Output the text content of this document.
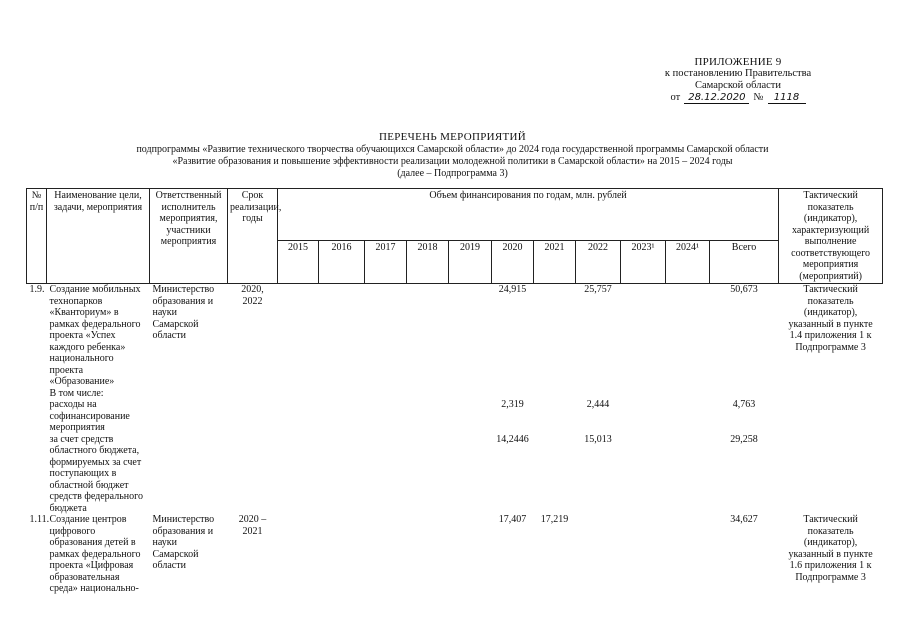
ПРИЛОЖЕНИЕ 9
к постановлению Правительства
Самарской области
от 28.12.2020 №	1118
ПЕРЕЧЕНЬ МЕРОПРИЯТИЙ
подпрограммы «Развитие технического творчества обучающихся Самарской области» до 2024 года государственной программы Самарской области
«Развитие образования и повышение эффективности реализации молодежной политики в Самарской области» на 2015 – 2024 годы
(далее – Подпрограмма 3)
№ п/п	Наименование цели, задачи, мероприятия	Ответственный исполнитель мероприятия, участники мероприятия	Срок реализации, годы	Объем финансирования по годам, млн. рублей											Тактический показатель (индикатор), характеризующий выполнение соответствующего мероприятия (мероприятий)
				2015	2016	2017	2018	2019	2020	2021	2022	2023¹	2024¹	Всего	
1.9.	Создание мобильных технопарков «Кванториум» в рамках федерального проекта «Успех каждого ребенка» национального проекта «Образование»	Министерство образования и науки Самарской области	2020, 2022						24,915		25,757			50,673	Тактический показатель (индикатор), указанный в пункте 1.4 приложения 1 к Подпрограмме 3
	В том числе:														
	расходы на софинансирование мероприятия								2,319		2,444			4,763	
	за счет средств областного бюджета, формируемых за счет поступающих в областной бюджет средств федерального бюджета								14,2446		15,013			29,258	
1.11.	Создание центров цифрового образования детей в рамках федерального проекта «Цифровая образовательная среда» национально-	Министерство образования и науки Самарской области	2020 – 2021						17,407	17,219				34,627	Тактический показатель (индикатор), указанный в пункте 1.6 приложения 1 к Подпрограмме 3
